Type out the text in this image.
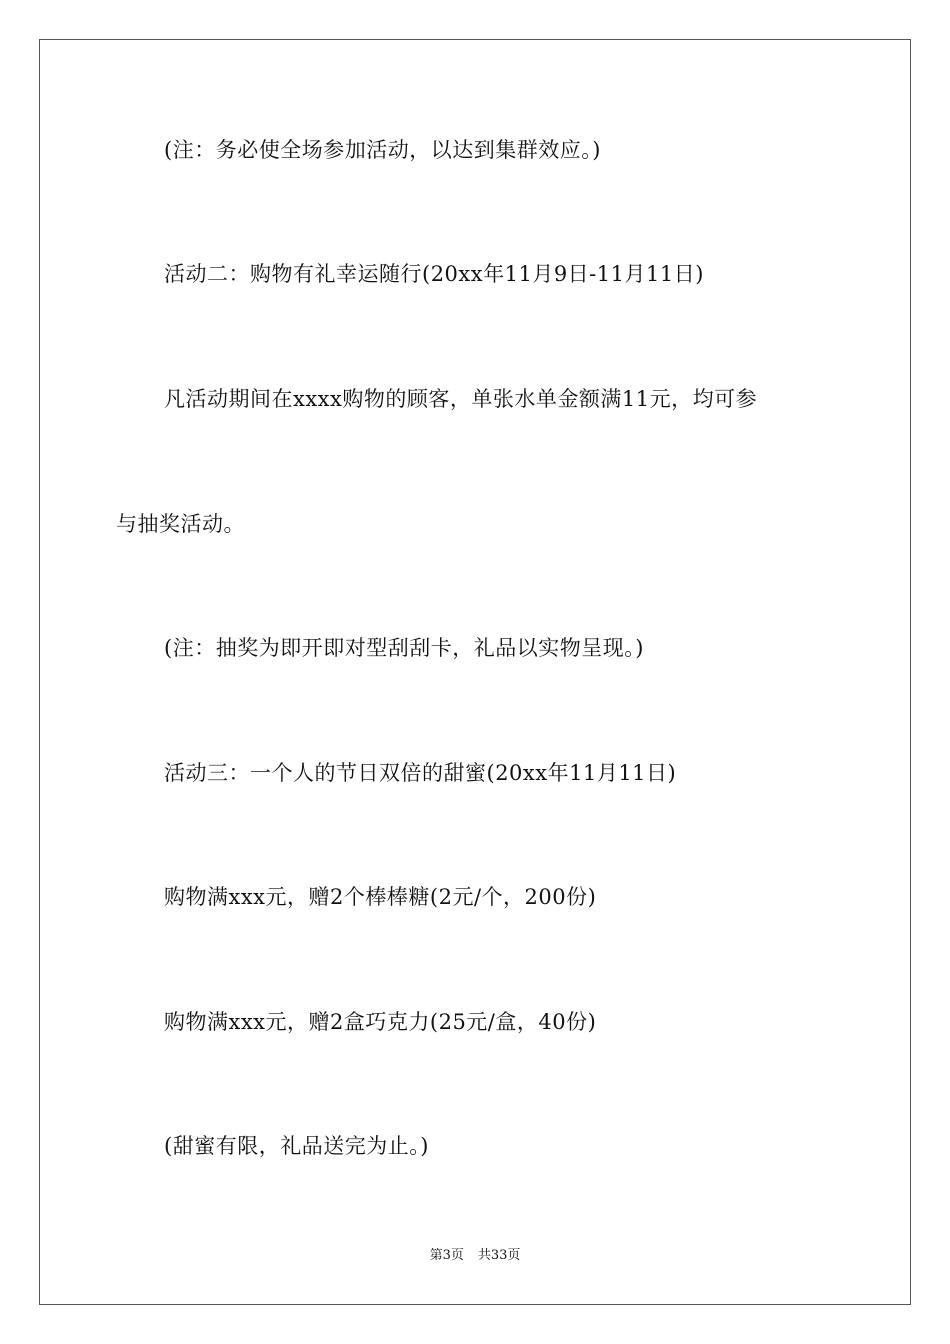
(注：务必使全场参加活动，以达到集群效应。)
活动二：购物有礼幸运随行(20xx年11月9日-11月11日)
凡活动期间在xxxx购物的顾客，单张水单金额满11元，均可参
与抽奖活动。
(注：抽奖为即开即对型刮刮卡，礼品以实物呈现。)
活动三：一个人的节日双倍的甜蜜(20xx年11月11日)
购物满xxx元，赠2个棒棒糖(2元/个，200份)
购物满xxx元，赠2盒巧克力(25元/盒，40份)
(甜蜜有限，礼品送完为止。)
第3页 共33页
